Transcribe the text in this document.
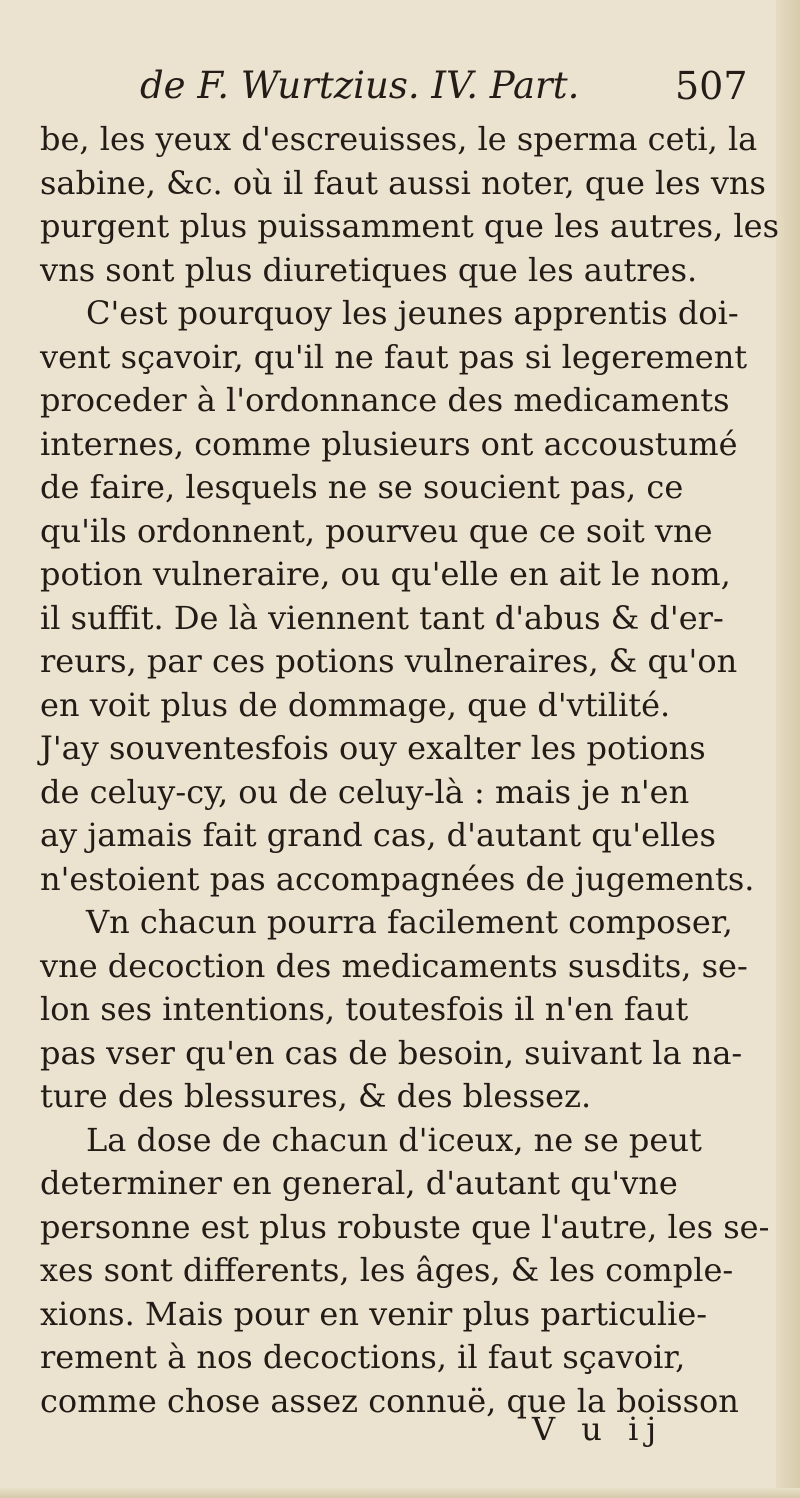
de F. Wurtzius. IV. Part.	507
be, les yeux d'escreuisses, le sperma ceti, la
sabine, &c. où il faut aussi noter, que les vns
purgent plus puissamment que les autres, les
vns sont plus diuretiques que les autres.
C'est pourquoy les jeunes apprentis doi-
vent sçavoir, qu'il ne faut pas si legerement
proceder à l'ordonnance des medicaments
internes, comme plusieurs ont accoustumé
de faire, lesquels ne se soucient pas, ce
qu'ils ordonnent, pourveu que ce soit vne
potion vulneraire, ou qu'elle en ait le nom,
il suffit. De là viennent tant d'abus & d'er-
reurs, par ces potions vulneraires, & qu'on
en voit plus de dommage, que d'vtilité.
J'ay souventesfois ouy exalter les potions
de celuy-cy, ou de celuy-là : mais je n'en
ay jamais fait grand cas, d'autant qu'elles
n'estoient pas accompagnées de jugements.
Vn chacun pourra facilement composer,
vne decoction des medicaments susdits, se-
lon ses intentions, toutesfois il n'en faut
pas vser qu'en cas de besoin, suivant la na-
ture des blessures, & des blessez.
La dose de chacun d'iceux, ne se peut
determiner en general, d'autant qu'vne
personne est plus robuste que l'autre, les se-
xes sont differents, les âges, & les comple-
xions. Mais pour en venir plus particulie-
rement à nos decoctions, il faut sçavoir,
comme chose assez connuë, que la boisson
V u ij
